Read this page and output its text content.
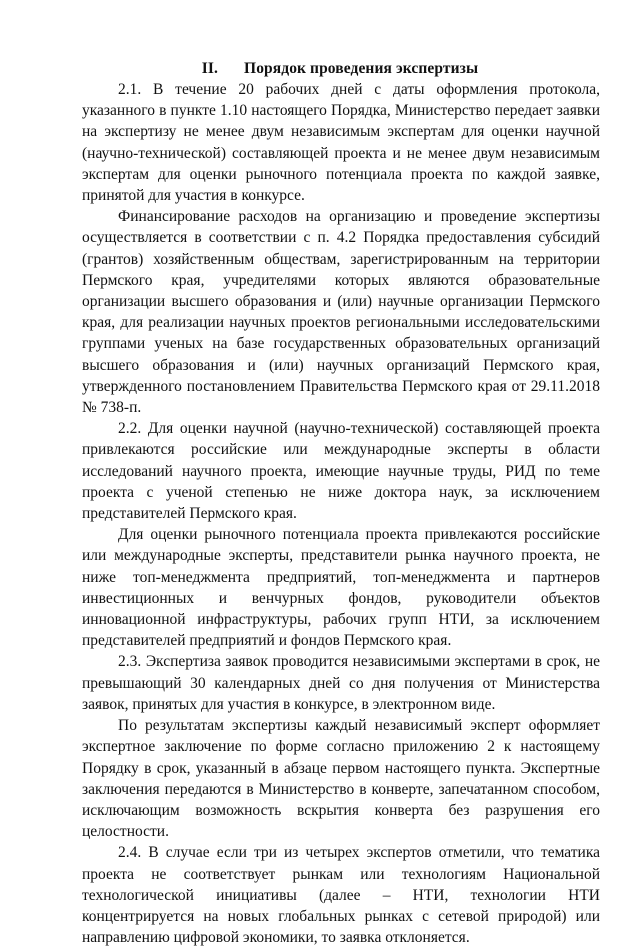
II. Порядок проведения экспертизы

2.1. В течение 20 рабочих дней с даты оформления протокола, указанного в пункте 1.10 настоящего Порядка, Министерство передает заявки на экспертизу не менее двум независимым экспертам для оценки научной (научно-технической) составляющей проекта и не менее двум независимым экспертам для оценки рыночного потенциала проекта по каждой заявке, принятой для участия в конкурсе.

Финансирование расходов на организацию и проведение экспертизы осуществляется в соответствии с п. 4.2 Порядка предоставления субсидий (грантов) хозяйственным обществам, зарегистрированным на территории Пермского края, учредителями которых являются образовательные организации высшего образования и (или) научные организации Пермского края, для реализации научных проектов региональными исследовательскими группами ученых на базе государственных образовательных организаций высшего образования и (или) научных организаций Пермского края, утвержденного постановлением Правительства Пермского края от 29.11.2018 № 738-п.

2.2. Для оценки научной (научно-технической) составляющей проекта привлекаются российские или международные эксперты в области исследований научного проекта, имеющие научные труды, РИД по теме проекта с ученой степенью не ниже доктора наук, за исключением представителей Пермского края.

Для оценки рыночного потенциала проекта привлекаются российские или международные эксперты, представители рынка научного проекта, не ниже топ-менеджмента предприятий, топ-менеджмента и партнеров инвестиционных и венчурных фондов, руководители объектов инновационной инфраструктуры, рабочих групп НТИ, за исключением представителей предприятий и фондов Пермского края.

2.3. Экспертиза заявок проводится независимыми экспертами в срок, не превышающий 30 календарных дней со дня получения от Министерства заявок, принятых для участия в конкурсе, в электронном виде.

По результатам экспертизы каждый независимый эксперт оформляет экспертное заключение по форме согласно приложению 2 к настоящему Порядку в срок, указанный в абзаце первом настоящего пункта. Экспертные заключения передаются в Министерство в конверте, запечатанном способом, исключающим возможность вскрытия конверта без разрушения его целостности.

2.4. В случае если три из четырех экспертов отметили, что тематика проекта не соответствует рынкам или технологиям Национальной технологической инициативы (далее – НТИ, технологии НТИ концентрируется на новых глобальных рынках с сетевой природой) или направлению цифровой экономики, то заявка отклоняется.
